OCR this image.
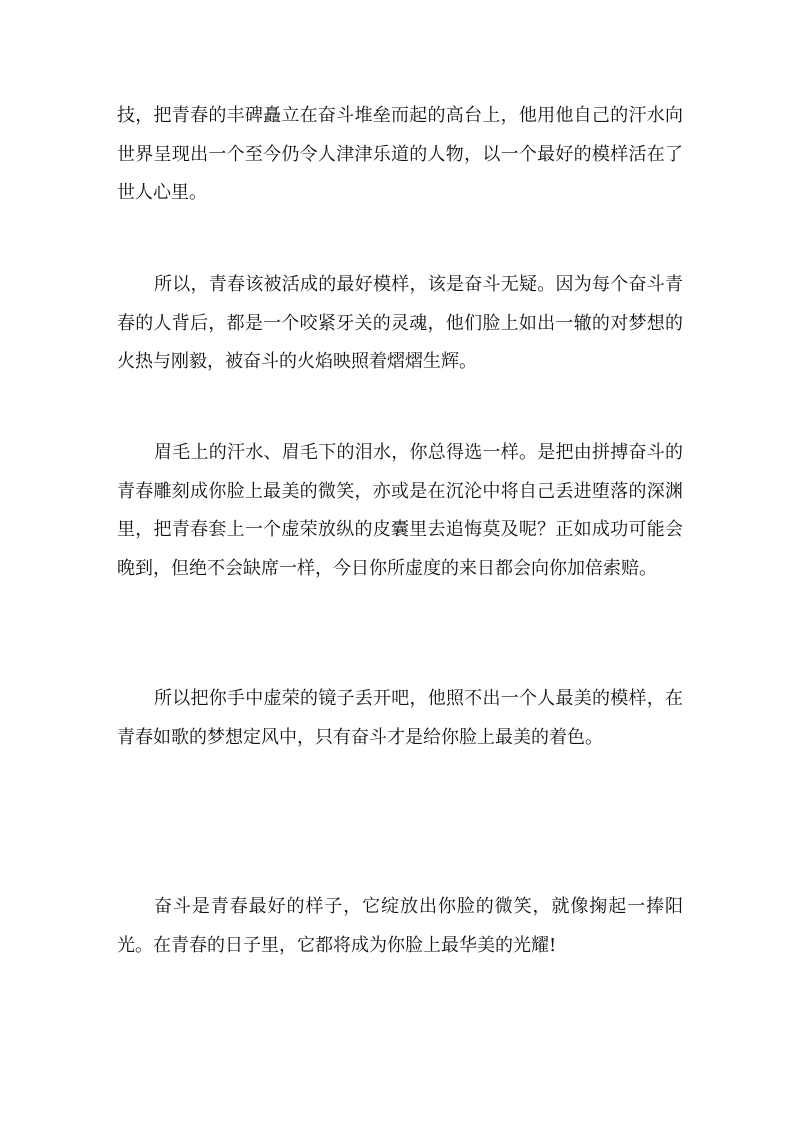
技，把青春的丰碑矗立在奋斗堆垒而起的高台上，他用他自己的汗水向世界呈现出一个至今仍令人津津乐道的人物，以一个最好的模样活在了世人心里。

所以，青春该被活成的最好模样，该是奋斗无疑。因为每个奋斗青春的人背后，都是一个咬紧牙关的灵魂，他们脸上如出一辙的对梦想的火热与刚毅，被奋斗的火焰映照着熠熠生辉。

眉毛上的汗水、眉毛下的泪水，你总得选一样。是把由拼搏奋斗的青春雕刻成你脸上最美的微笑，亦或是在沉沦中将自己丢进堕落的深渊里，把青春套上一个虚荣放纵的皮囊里去追悔莫及呢？正如成功可能会晚到，但绝不会缺席一样，今日你所虚度的来日都会向你加倍索赔。

所以把你手中虚荣的镜子丢开吧，他照不出一个人最美的模样，在青春如歌的梦想定风中，只有奋斗才是给你脸上最美的着色。

奋斗是青春最好的样子，它绽放出你脸的微笑，就像掬起一捧阳光。在青春的日子里，它都将成为你脸上最华美的光耀!
